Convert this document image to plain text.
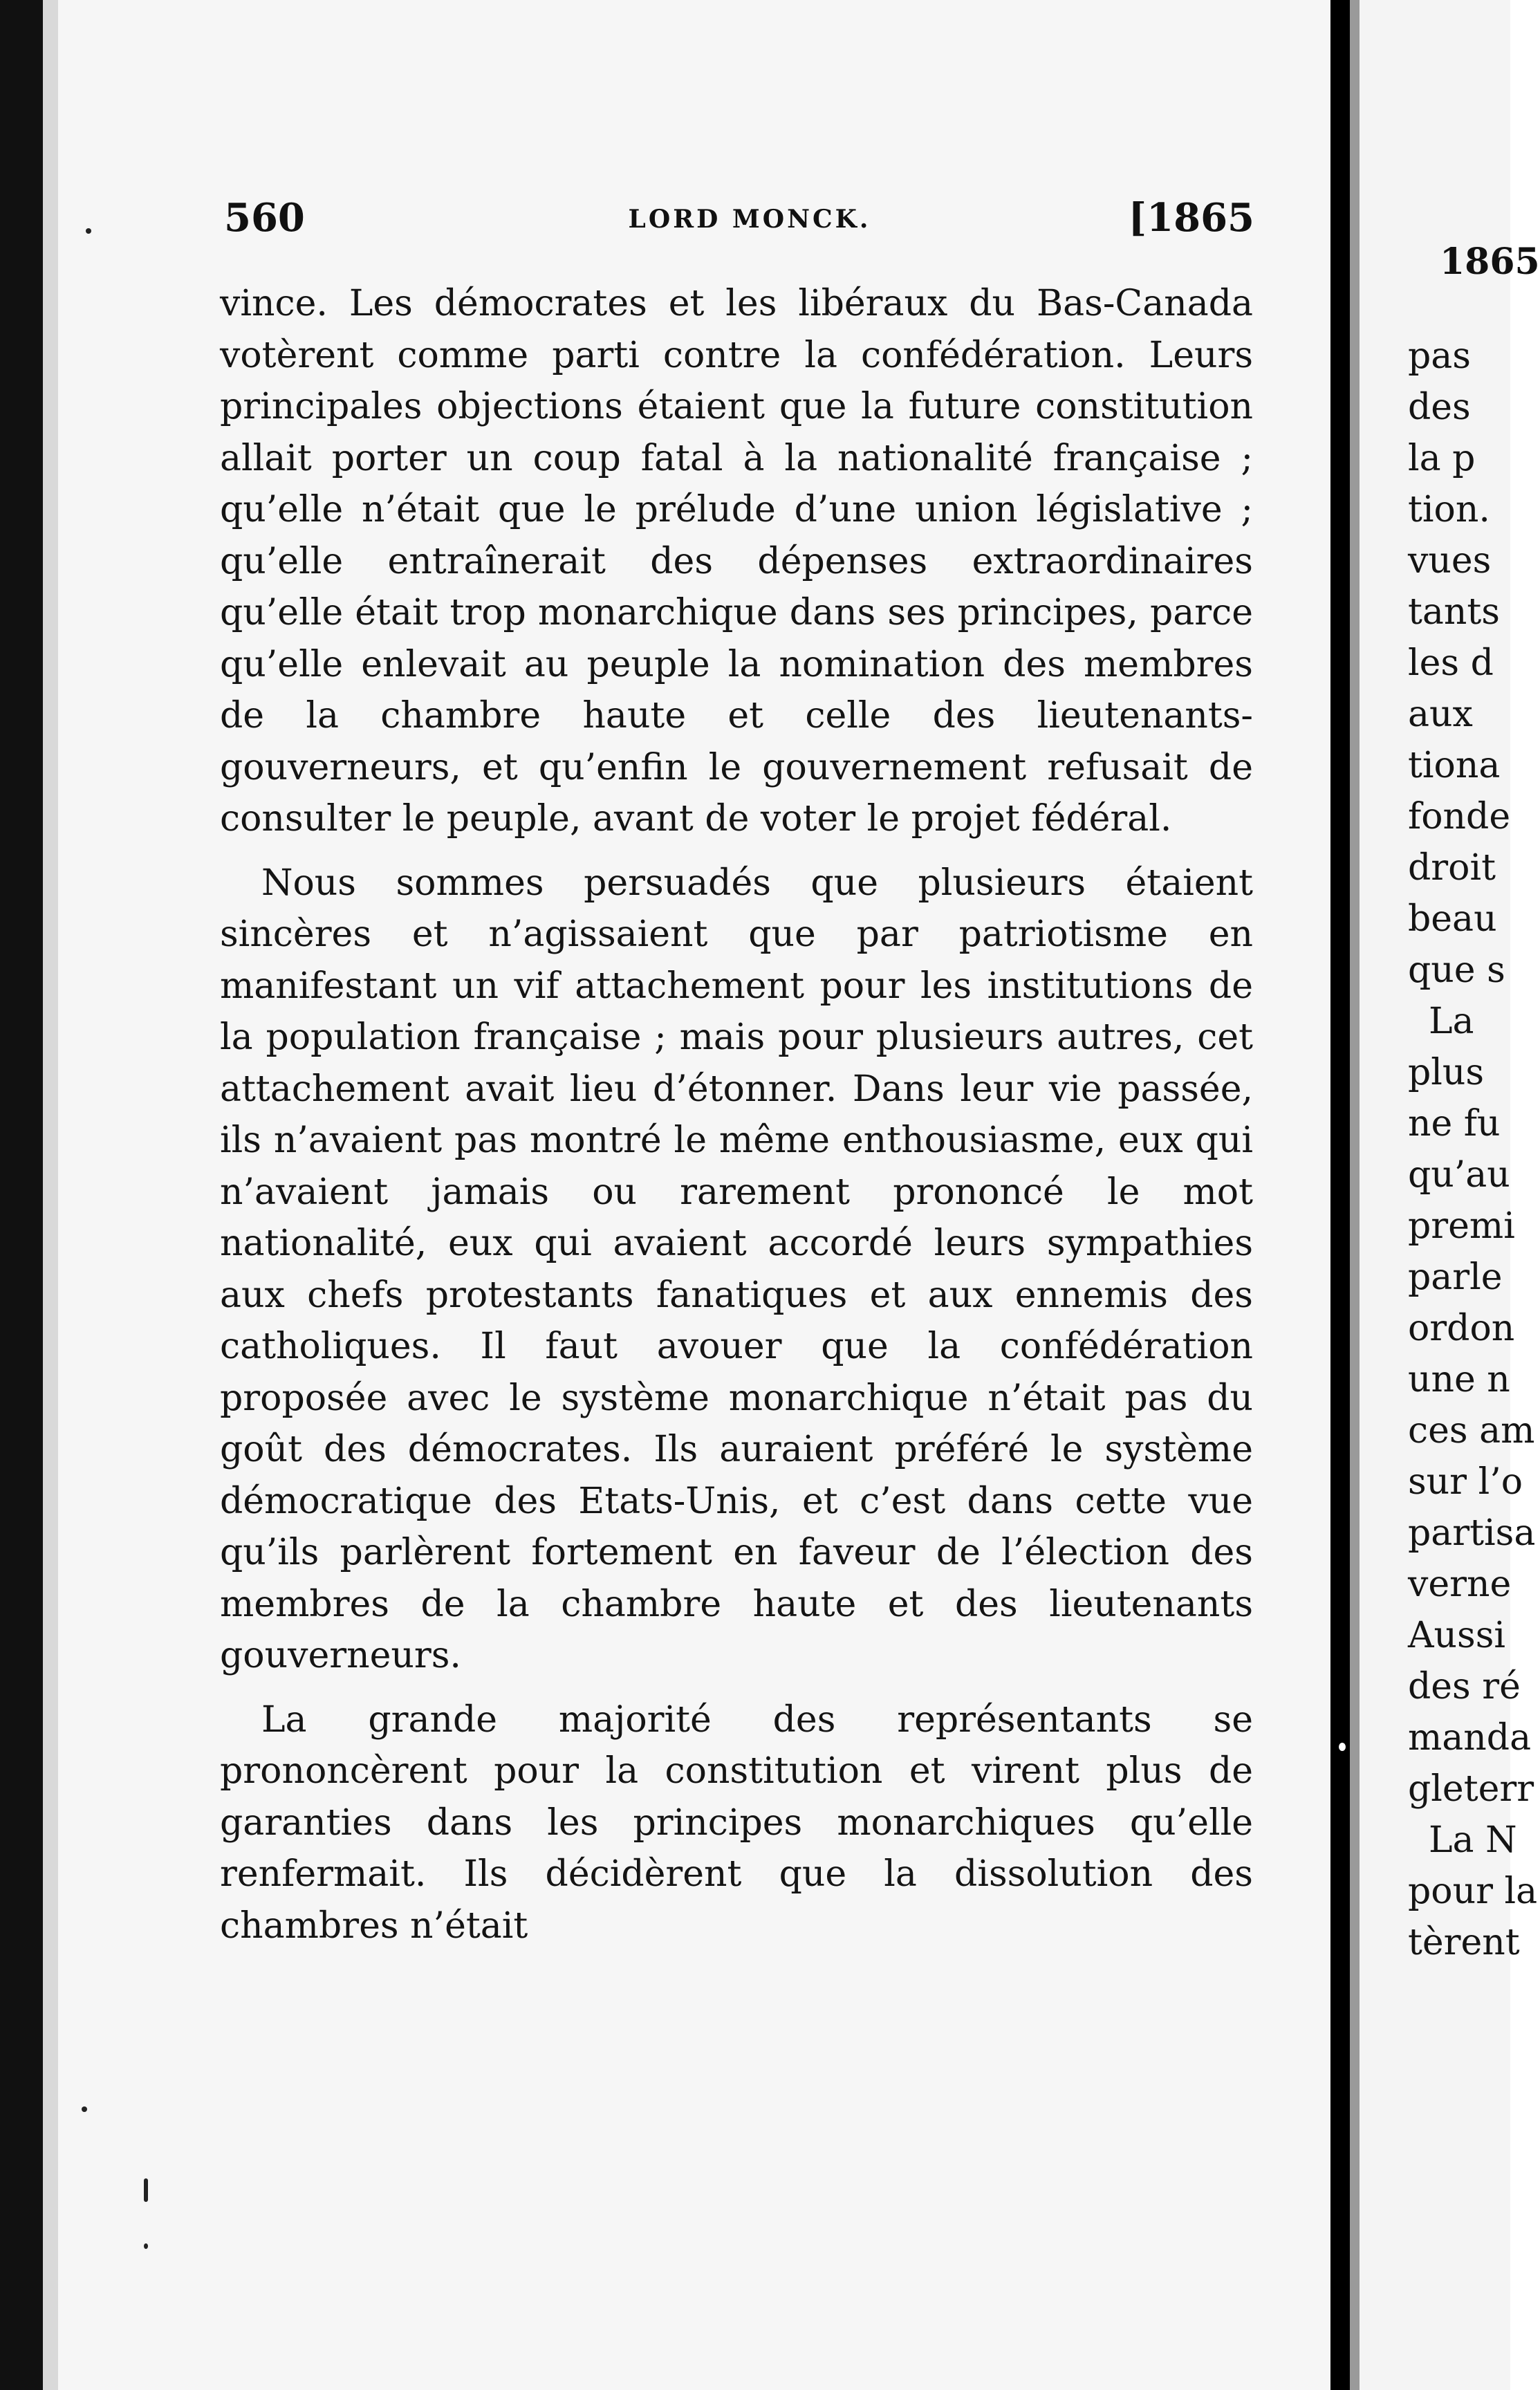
560	LORD MONCK.	[1865

vince. Les démocrates et les libéraux du Bas-Canada votèrent comme parti contre la confédération. Leurs principales objections étaient que la future constitution allait porter un coup fatal à la nationalité française ; qu’elle n’était que le prélude d’une union législative ; qu’elle entraînerait des dépenses extraordinaires qu’elle était trop monarchique dans ses principes, parce qu’elle enlevait au peuple la nomination des membres de la chambre haute et celle des lieutenants-gouverneurs, et qu’enfin le gouvernement refusait de consulter le peuple, avant de voter le projet fédéral.

Nous sommes persuadés que plusieurs étaient sincères et n’agissaient que par patriotisme en manifestant un vif attachement pour les institutions de la population française ; mais pour plusieurs autres, cet attachement avait lieu d’étonner. Dans leur vie passée, ils n’avaient pas montré le même enthousiasme, eux qui n’avaient jamais ou rarement prononcé le mot nationalité, eux qui avaient accordé leurs sympathies aux chefs protestants fanatiques et aux ennemis des catholiques. Il faut avouer que la confédération proposée avec le système monarchique n’était pas du goût des démocrates. Ils auraient préféré le système démocratique des Etats-Unis, et c’est dans cette vue qu’ils parlèrent fortement en faveur de l’élection des membres de la chambre haute et des lieutenants gouverneurs.

La grande majorité des représentants se prononcèrent pour la constitution et virent plus de garanties dans les principes monarchiques qu’elle renfermait. Ils décidèrent que la dissolution des chambres n’était

1865
pas
des
la p
tion.
vues
tants
les d
aux
tiona
fonde
droit
beau
que s
La
plus
ne fu
qu’au
premi
parle
ordon
une n
ces am
sur l’o
partisa
verne
Aussi
des ré
manda
gleterr
La N
pour la
tèrent
